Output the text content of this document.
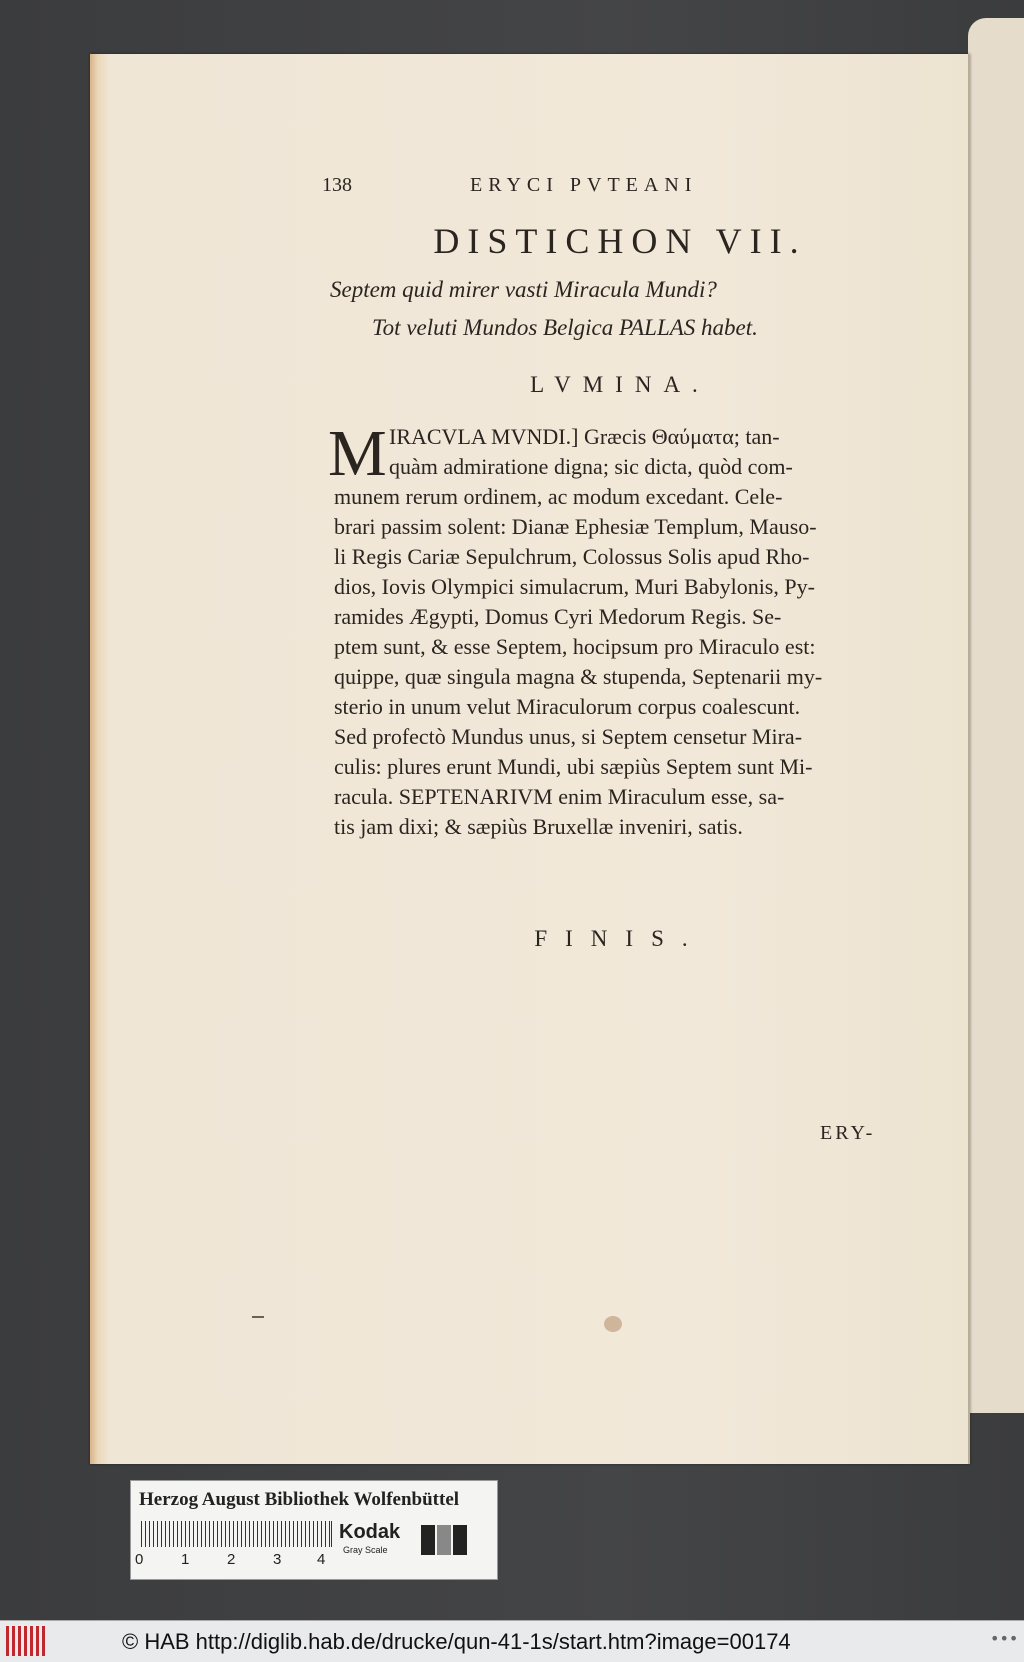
138	ERYCI PVTEANI
DISTICHON VII.
Septem quid mirer vasti Miracula Mundi?
Tot veluti Mundos Belgica PALLAS habet.
LVMINA.
M IRACVLA MVNDI.] Græcis Θαύματα; tan-
quàm admiratione digna; sic dicta, quòd com-
munem rerum ordinem, ac modum excedant. Cele-
brari passim solent: Dianæ Ephesiæ Templum, Mauso-
li Regis Cariæ Sepulchrum, Colossus Solis apud Rho-
dios, Iovis Olympici simulacrum, Muri Babylonis, Py-
ramides Ægypti, Domus Cyri Medorum Regis. Se-
ptem sunt, & esse Septem, hocipsum pro Miraculo est:
quippe, quæ singula magna & stupenda, Septenarii my-
sterio in unum velut Miraculorum corpus coalescunt.
Sed profectò Mundus unus, si Septem censetur Mira-
culis: plures erunt Mundi, ubi sæpiùs Septem sunt Mi-
racula. SEPTENARIVM enim Miraculum esse, sa-
tis jam dixi; & sæpiùs Bruxellæ inveniri, satis.
FINIS.
ERY-
Herzog August Bibliothek Wolfenbüttel
0	1	2	3 4
Kodak
Gray Scale
© HAB http://diglib.hab.de/drucke/qun-41-1s/start.htm?image=00174	•••
